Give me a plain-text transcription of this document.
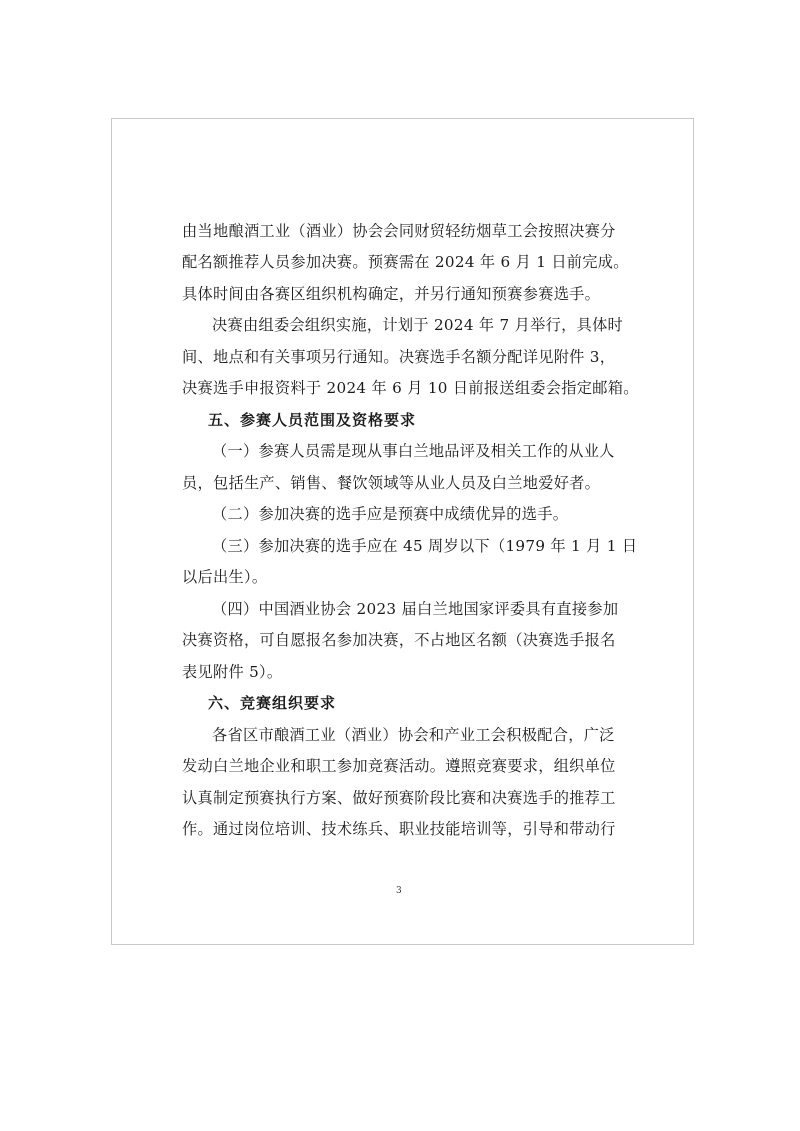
由当地酿酒工业（酒业）协会会同财贸轻纺烟草工会按照决赛分
配名额推荐人员参加决赛。预赛需在 2024 年 6 月 1 日前完成。
具体时间由各赛区组织机构确定，并另行通知预赛参赛选手。
决赛由组委会组织实施，计划于 2024 年 7 月举行，具体时
间、地点和有关事项另行通知。决赛选手名额分配详见附件 3，
决赛选手申报资料于 2024 年 6 月 10 日前报送组委会指定邮箱。
五、参赛人员范围及资格要求
（一）参赛人员需是现从事白兰地品评及相关工作的从业人
员，包括生产、销售、餐饮领域等从业人员及白兰地爱好者。
（二）参加决赛的选手应是预赛中成绩优异的选手。
（三）参加决赛的选手应在 45 周岁以下（1979 年 1 月 1 日
以后出生）。
（四）中国酒业协会 2023 届白兰地国家评委具有直接参加
决赛资格，可自愿报名参加决赛，不占地区名额（决赛选手报名
表见附件 5）。
六、竞赛组织要求
各省区市酿酒工业（酒业）协会和产业工会积极配合，广泛
发动白兰地企业和职工参加竞赛活动。遵照竞赛要求，组织单位
认真制定预赛执行方案、做好预赛阶段比赛和决赛选手的推荐工
作。通过岗位培训、技术练兵、职业技能培训等，引导和带动行
3
